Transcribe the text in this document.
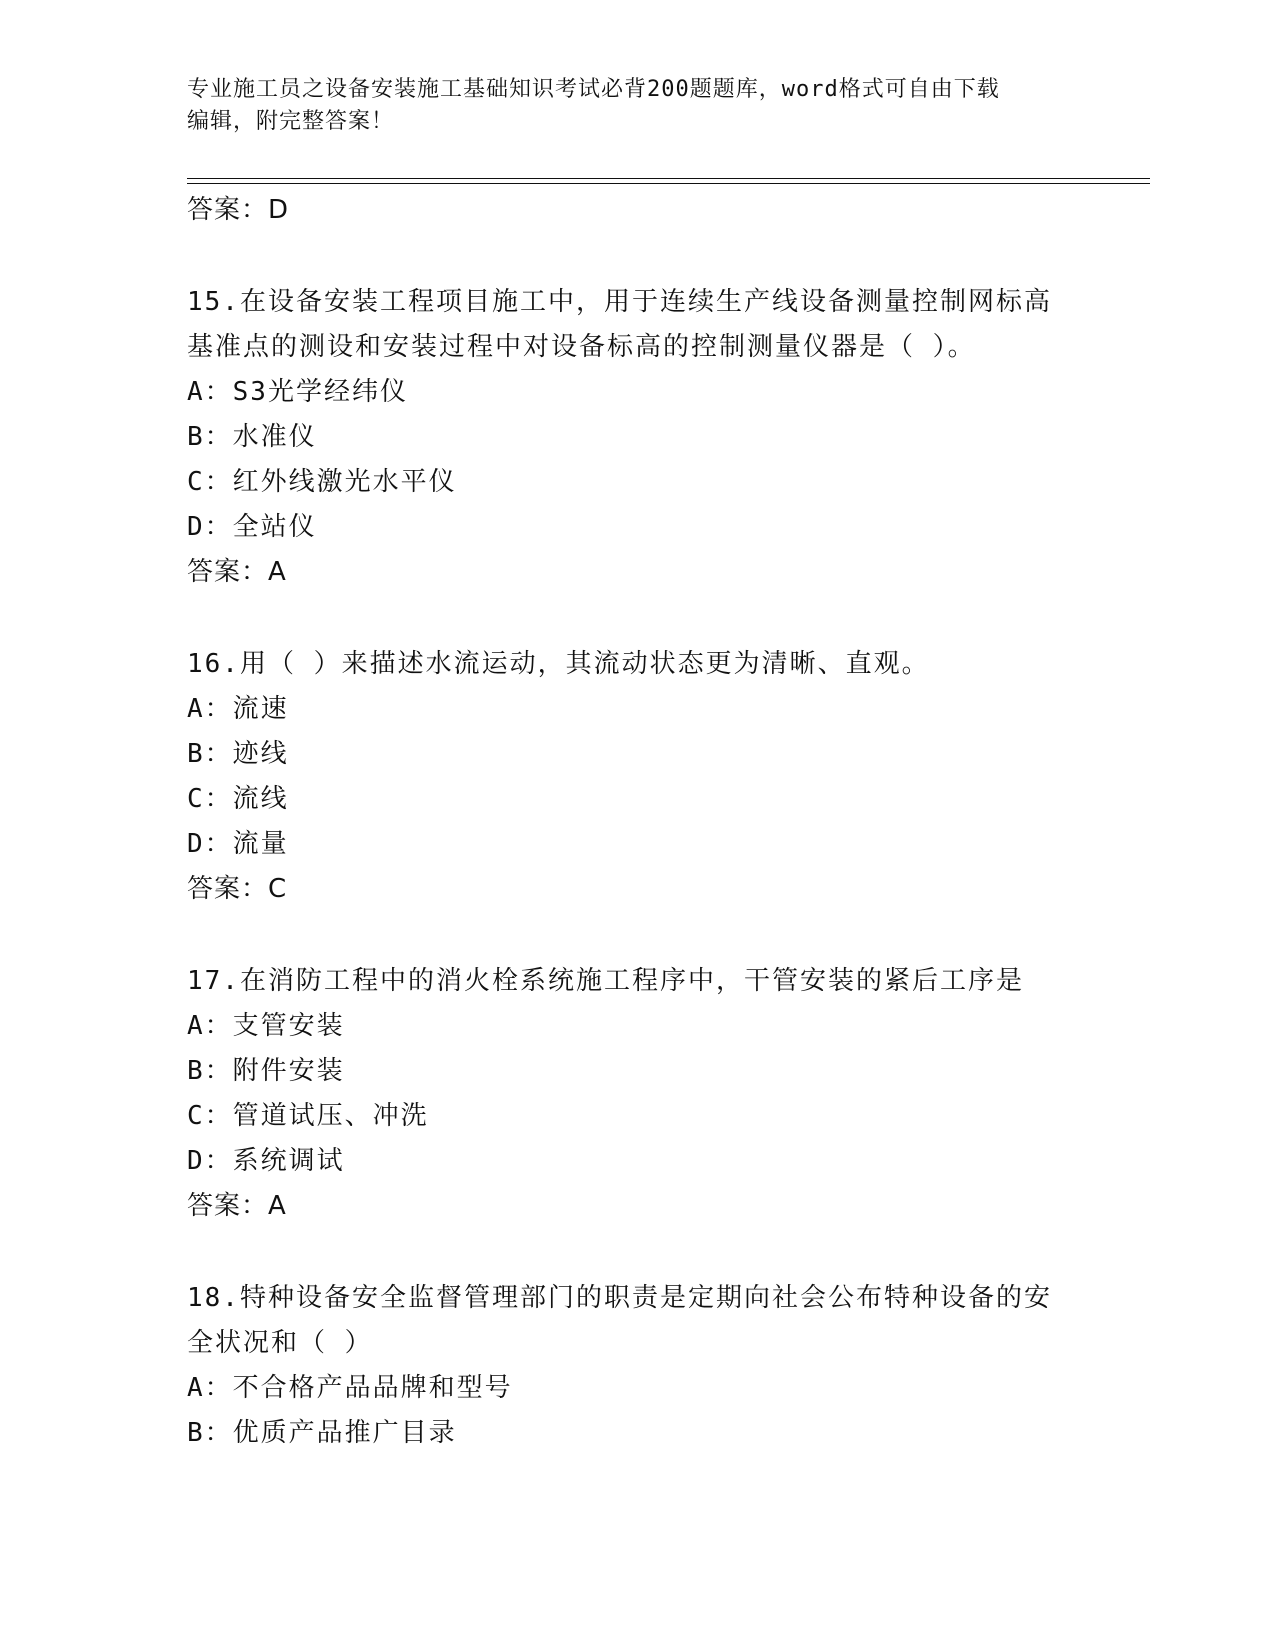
专业施工员之设备安装施工基础知识考试必背200题题库，word格式可自由下载
编辑，附完整答案！
答案：D
15.在设备安装工程项目施工中，用于连续生产线设备测量控制网标高
基准点的测设和安装过程中对设备标高的控制测量仪器是（ ）。
A：S3光学经纬仪
B：水准仪
C：红外线激光水平仪
D：全站仪
答案：A
16.用（ ）来描述水流运动，其流动状态更为清晰、直观。
A：流速
B：迹线
C：流线
D：流量
答案：C
17.在消防工程中的消火栓系统施工程序中，干管安装的紧后工序是
A：支管安装
B：附件安装
C：管道试压、冲洗
D：系统调试
答案：A
18.特种设备安全监督管理部门的职责是定期向社会公布特种设备的安
全状况和（ ）
A：不合格产品品牌和型号
B：优质产品推广目录
